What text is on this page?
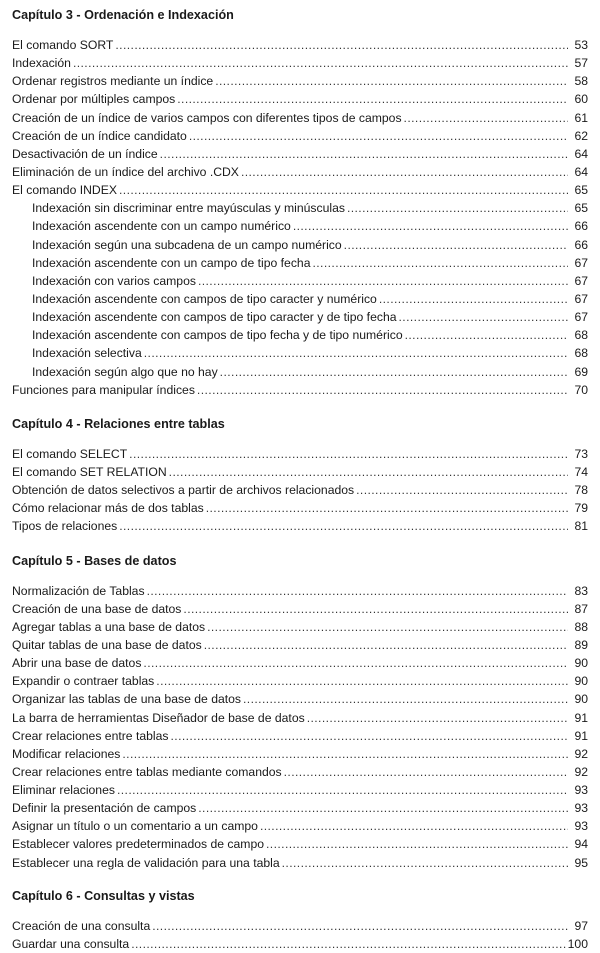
Capítulo 3 - Ordenación e Indexación
El comando SORT .....	53
Indexación .....	57
Ordenar registros mediante un índice .....	58
Ordenar por múltiples campos .....	60
Creación de un índice de varios campos con diferentes tipos de campos .....	61
Creación de un índice candidato .....	62
Desactivación de un índice .....	64
Eliminación de un índice del archivo .CDX .....	64
El comando INDEX .....	65
Indexación sin discriminar entre mayúsculas y minúsculas .....	65
Indexación ascendente con un campo numérico .....	66
Indexación según una subcadena de un campo numérico .....	66
Indexación ascendente con un campo de tipo fecha .....	67
Indexación con varios campos .....	67
Indexación ascendente con campos de tipo caracter y numérico .....	67
Indexación ascendente con campos de tipo caracter y de tipo fecha .....	67
Indexación ascendente con campos de tipo fecha y de tipo numérico .....	68
Indexación selectiva .....	68
Indexación según algo que no hay .....	69
Funciones para manipular índices .....	70
Capítulo 4 - Relaciones entre tablas
El comando SELECT .....	73
El comando SET RELATION .....	74
Obtención de datos selectivos a partir de archivos relacionados .....	78
Cómo relacionar más de dos tablas .....	79
Tipos de relaciones .....	81
Capítulo 5 - Bases de datos
Normalización de Tablas .....	83
Creación de una base de datos .....	87
Agregar tablas a una base de datos .....	88
Quitar tablas de una base de datos .....	89
Abrir una base de datos .....	90
Expandir o contraer tablas .....	90
Organizar las tablas de una base de datos .....	90
La barra de herramientas Diseñador de base de datos .....	91
Crear relaciones entre tablas .....	91
Modificar relaciones .....	92
Crear relaciones entre tablas mediante comandos .....	92
Eliminar relaciones .....	93
Definir la presentación de campos .....	93
Asignar un título o un comentario a un campo .....	93
Establecer valores predeterminados de campo .....	94
Establecer una regla de validación para una tabla .....	95
Capítulo 6 - Consultas y vistas
Creación de una consulta .....	97
Guardar una consulta .....	100
